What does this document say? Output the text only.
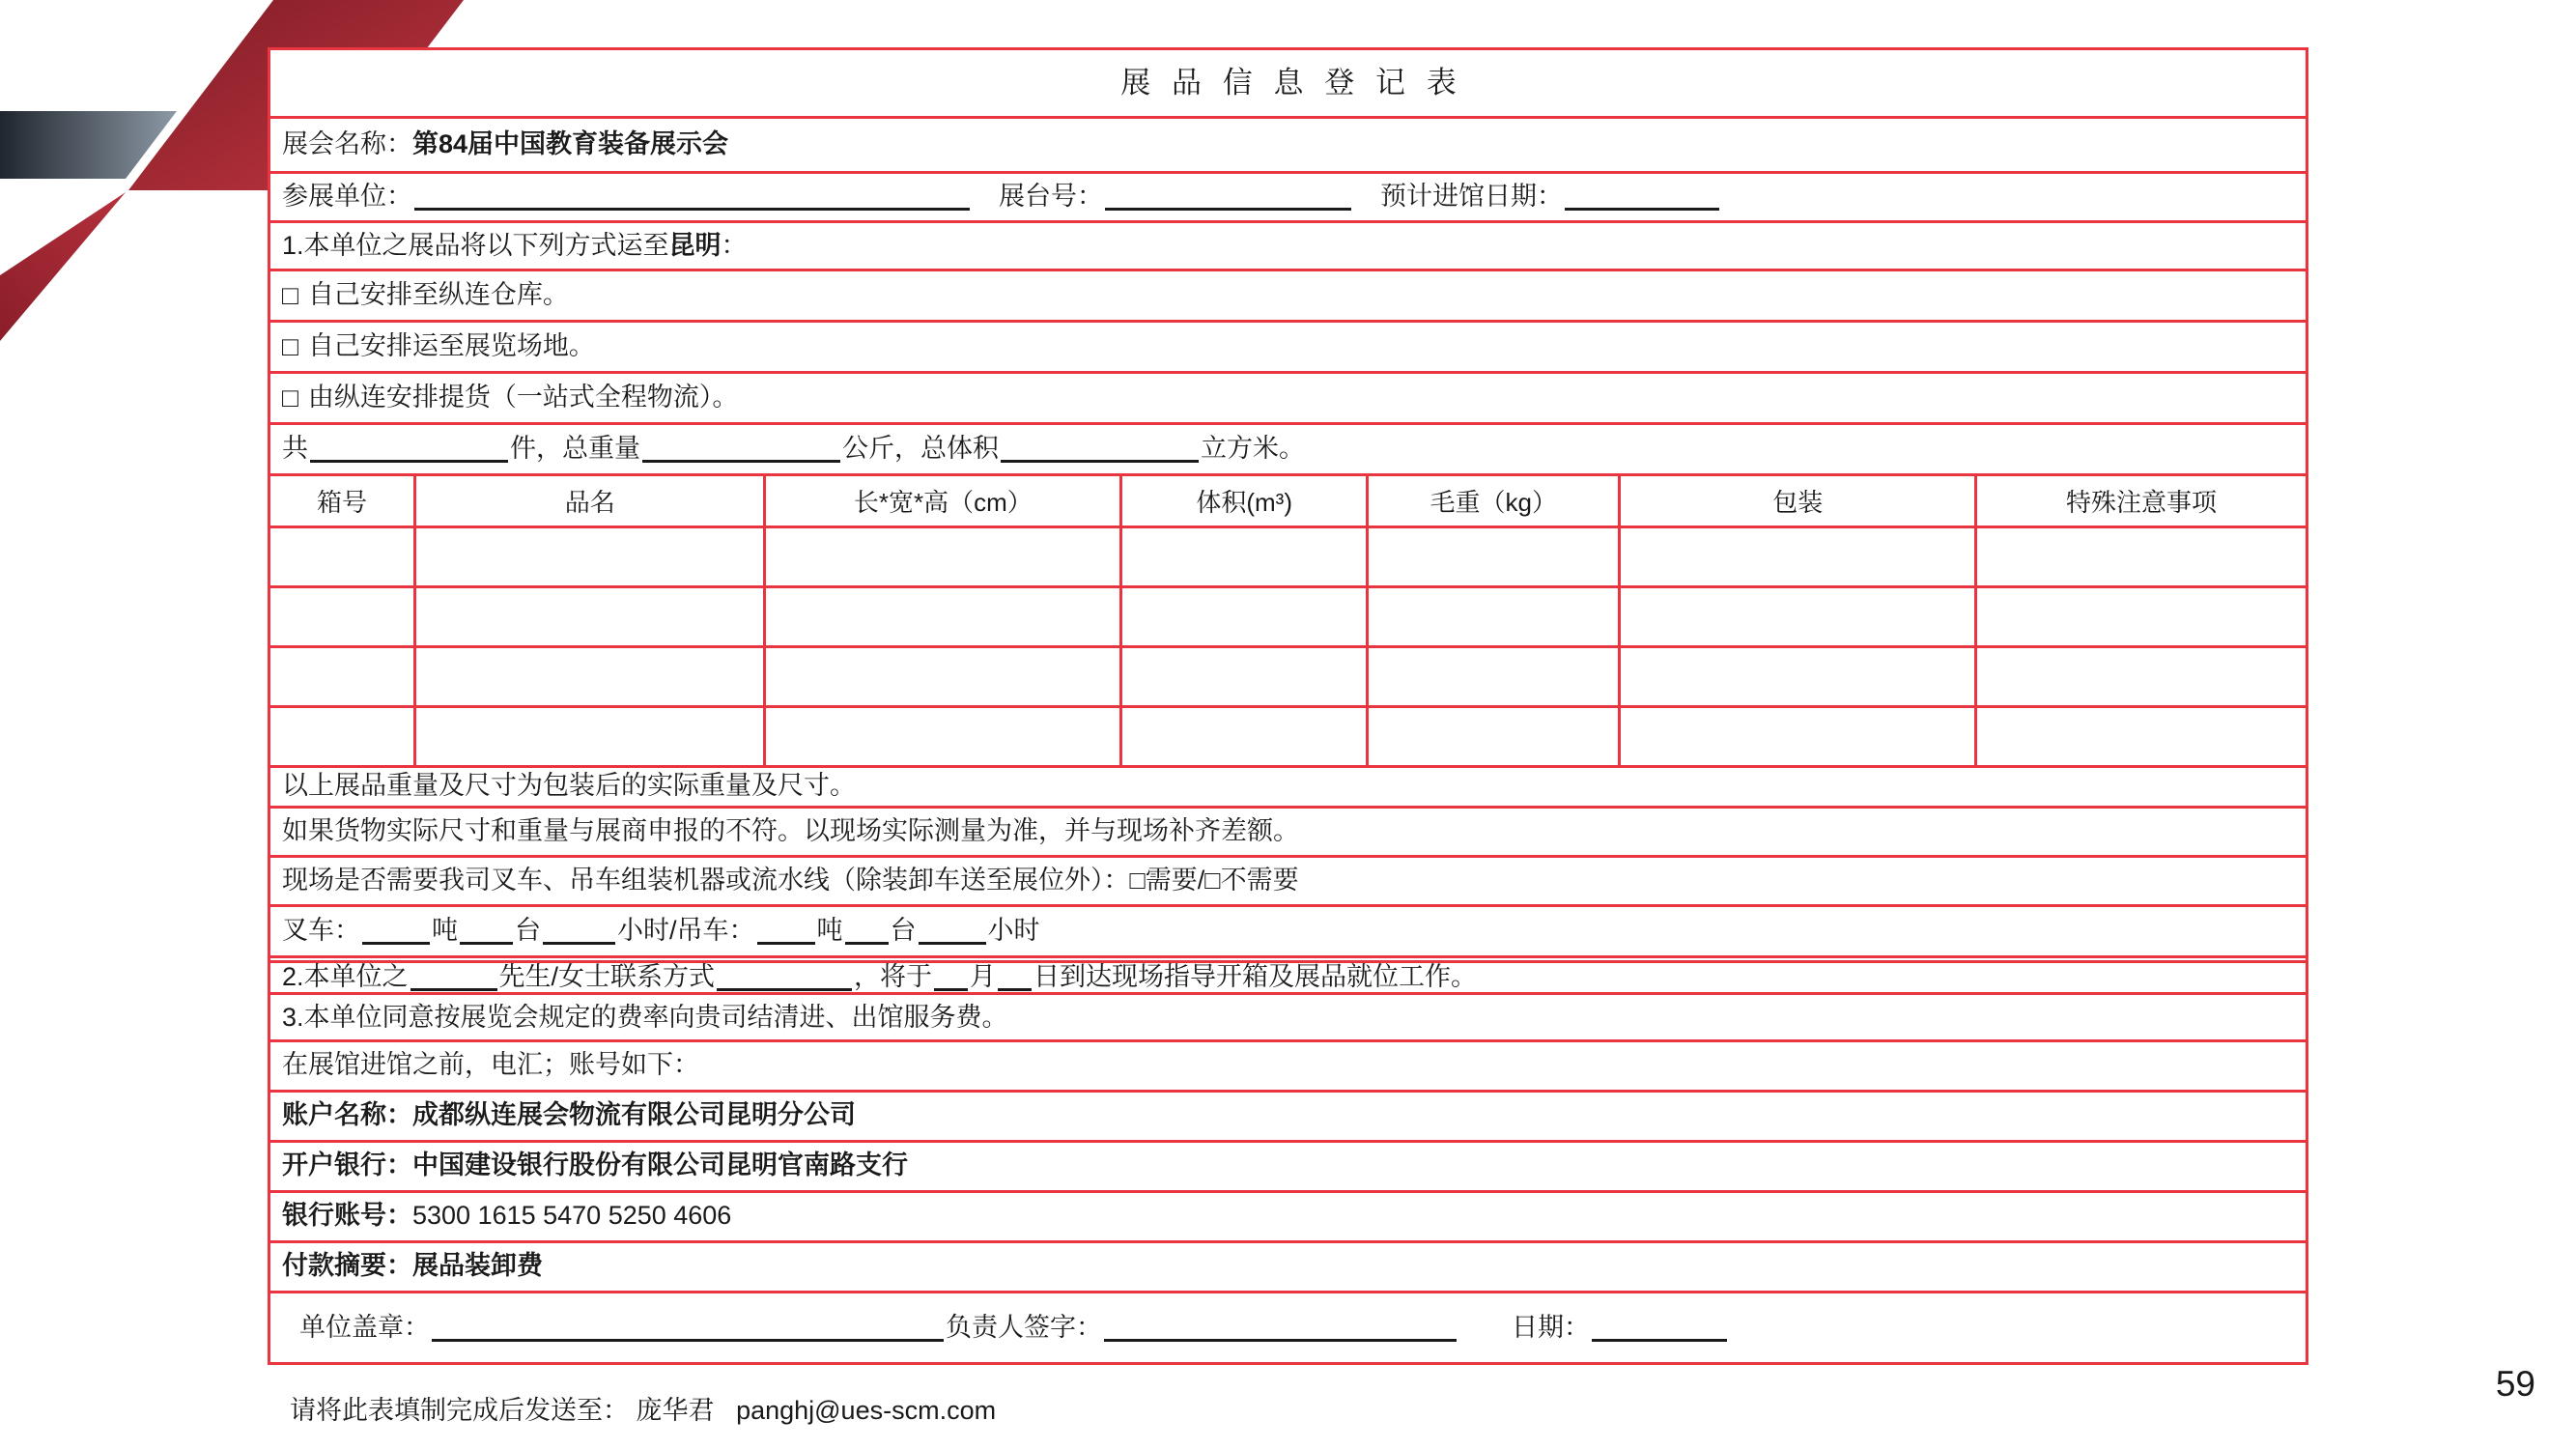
展 品 信 息 登 记 表
展会名称： 第84届中国教育装备展示会
参展单位：	展台号：	预计进馆日期：
1.本单位之展品将以下列方式运至 昆明 ：
□ 自己安排至纵连仓库。
□ 自己安排运至展览场地。
□ 由纵连安排提货（一站式全程物流）。
共	件，总重量	公斤，总体积	立方米。
箱号	品名	长*宽*高（cm）	体积(m³)	毛重（kg）	包装	特殊注意事项

以上展品重量及尺寸为包装后的实际重量及尺寸。
如果货物实际尺寸和重量与展商申报的不符。以现场实际测量为准，并与现场补齐差额。
现场是否需要我司叉车、吊车组装机器或流水线（除装卸车送至展位外）：□需要/□不需要
叉车：	吨 台	小时/吊车： 吨 台	小时
2.本单位之	先生/女士联系方式	，将于 月 日到达现场指导开箱及展品就位工作。
3.本单位同意按展览会规定的费率向贵司结清进、出馆服务费。
在展馆进馆之前，电汇；账号如下：
账户名称： 成都纵连展会物流有限公司昆明分公司
开户银行： 中国建设银行股份有限公司昆明官南路支行
银行账号： 5300 1615 5470 5250 4606
付款摘要： 展品装卸费
单位盖章：	负责人签字：	日期：
请将此表填制完成后发送至： 庞华君 panghj@ues-scm.com
59
